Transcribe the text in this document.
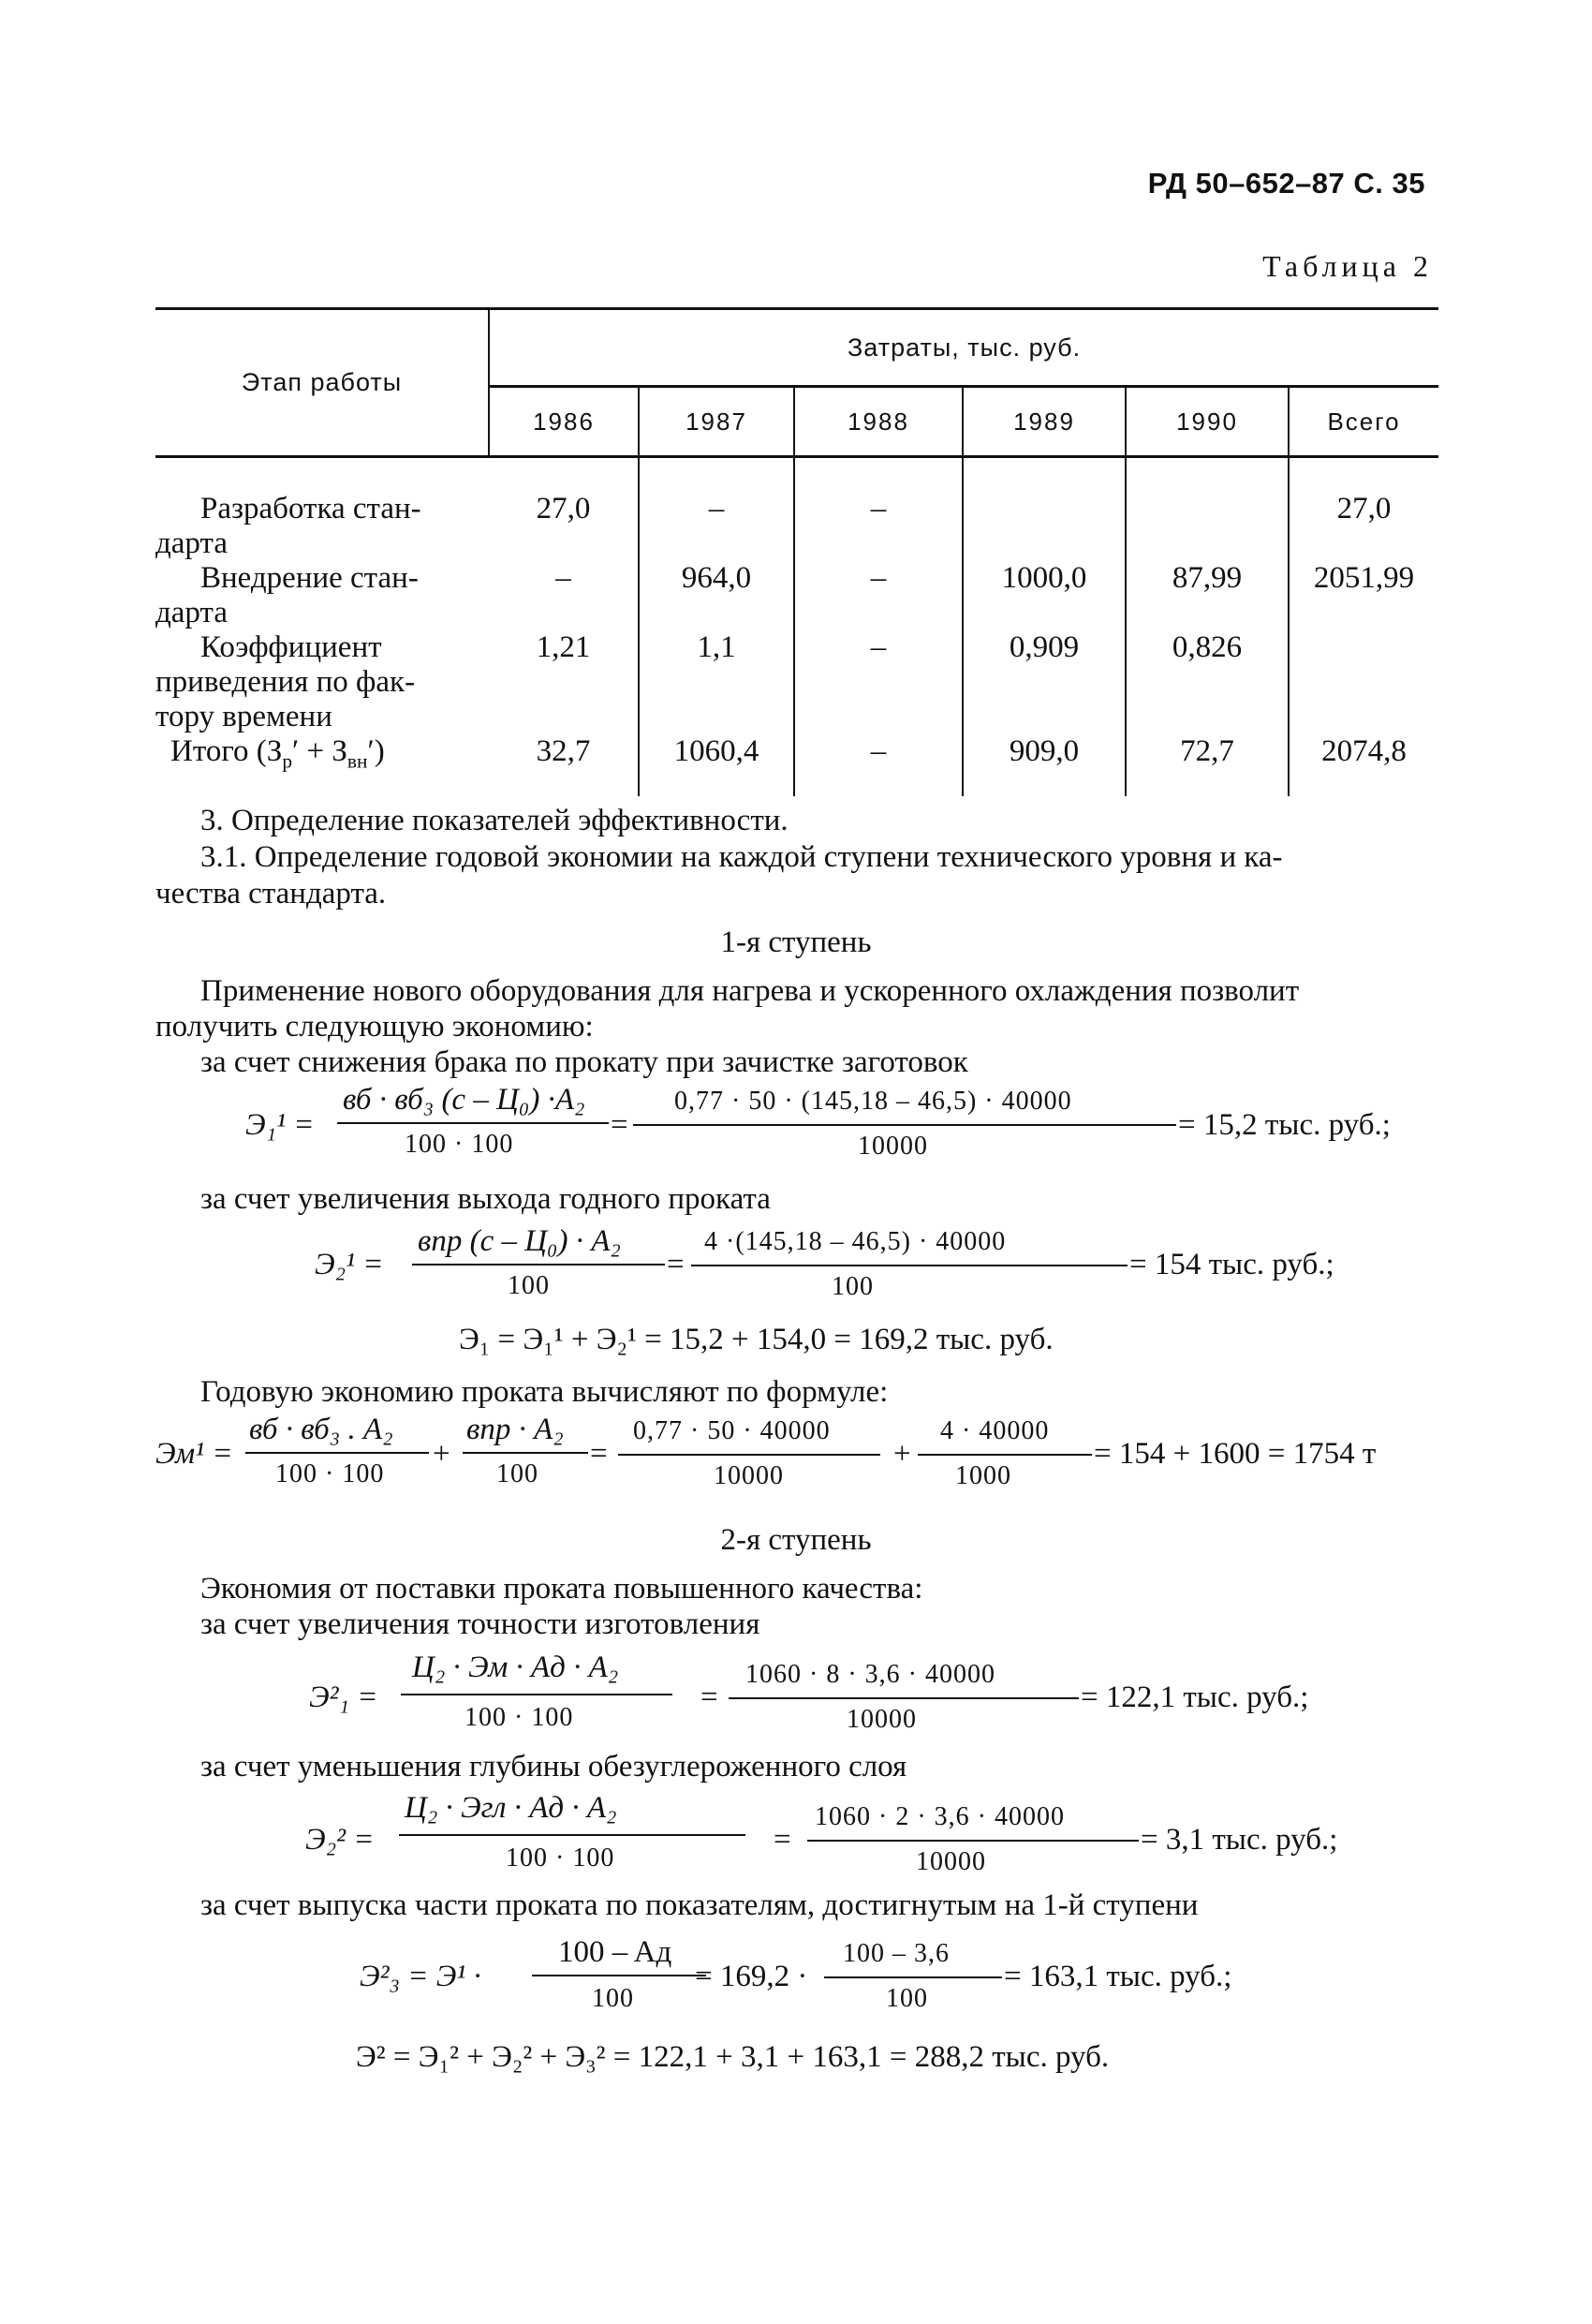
РД 50–652–87 С. 35
Таблица 2
Этап работы	Затраты, тыс. руб.					
	1986	1987	1988	1989	1990	Всего

Разработка стан-
дарта	27,0	–	–			27,0

Внедрение стан-
дарта	–	964,0	–	1000,0	87,99	2051,99

Коэффициент
приведения по фак-
тору времени	1,21	1,1	–	0,909	0,826	
Итого $(З_р' + З_{вн}')$	32,7	1060,4	–	909,0	72,7	2074,8
3. Определение показателей эффективности.
3.1. Определение годовой экономии на каждой ступени технического уровня и ка-
чества стандарта.
1-я ступень
Применение нового оборудования для нагрева и ускоренного охлаждения позволит
получить следующую экономию:
за счет снижения брака по прокату при зачистке заготовок
за счет увеличения выхода годного проката
Годовую экономию проката вычисляют по формуле:
2-я ступень
Экономия от поставки проката повышенного качества:
за счет увеличения точности изготовления
за счет уменьшения глубины обезуглероженного слоя
за счет выпуска части проката по показателям, достигнутым на 1-й ступени
Э₁¹ =
вб · вб₃ (с – Ц₀) ·A₂
100 · 100
=
0,77 · 50 · (145,18 – 46,5) · 40000
10000
= 15,2 тыс. руб.;
Э₂¹ =
впр (с – Ц₀) · A₂
100
=
4 ·(145,18 – 46,5) · 40000
100
= 154 тыс. руб.;
Э₁ = Э₁¹ + Э₂¹ = 15,2 + 154,0 = 169,2 тыс. руб.
Эм¹ =
вб · вб₃ . A₂
100 · 100
+
впр · A₂
100
=
0,77 · 50 · 40000
10000
+
4 · 40000
1000
= 154 + 1600 = 1754 т
Э²₁ =
Ц₂ · Эм · Aд · A₂
100 · 100
=
1060 · 8 · 3,6 · 40000
10000
= 122,1 тыс. руб.;
Э₂² =
Ц₂ · Эгл · Aд · A₂
100 · 100
=
1060 · 2 · 3,6 · 40000
10000
= 3,1 тыс. руб.;
Э²₃ = Э¹ ·
100 – Aд
100
= 169,2 ·
100 – 3,6
100
= 163,1 тыс. руб.;
Э² = Э₁² + Э₂² + Э₃² = 122,1 + 3,1 + 163,1 = 288,2 тыс. руб.
